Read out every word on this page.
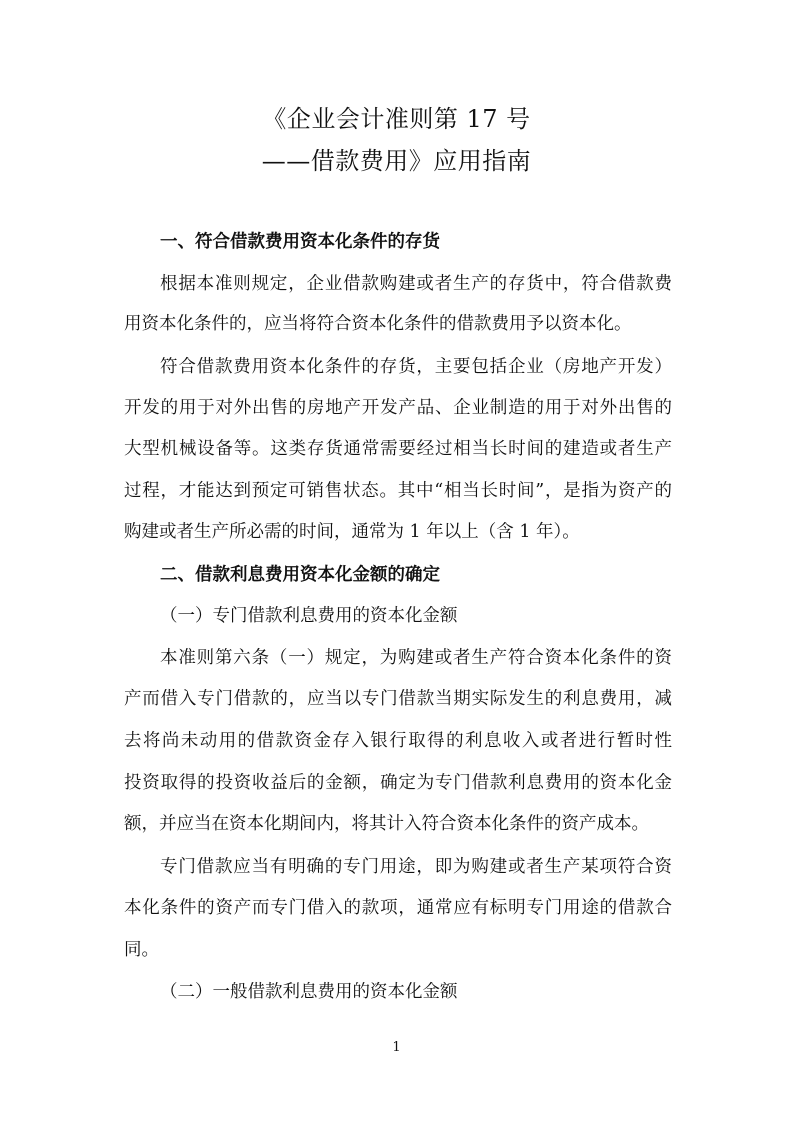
《企业会计准则第 17 号
——借款费用》应用指南
一、符合借款费用资本化条件的存货
根据本准则规定，企业借款购建或者生产的存货中，符合借款费
用资本化条件的，应当将符合资本化条件的借款费用予以资本化。
符合借款费用资本化条件的存货，主要包括企业（房地产开发）
开发的用于对外出售的房地产开发产品、企业制造的用于对外出售的
大型机械设备等。这类存货通常需要经过相当长时间的建造或者生产
过程，才能达到预定可销售状态。其中“相当长时间”，是指为资产的
购建或者生产所必需的时间，通常为 1 年以上（含 1 年）。
二、借款利息费用资本化金额的确定
（一）专门借款利息费用的资本化金额
本准则第六条（一）规定，为购建或者生产符合资本化条件的资
产而借入专门借款的，应当以专门借款当期实际发生的利息费用，减
去将尚未动用的借款资金存入银行取得的利息收入或者进行暂时性
投资取得的投资收益后的金额，确定为专门借款利息费用的资本化金
额，并应当在资本化期间内，将其计入符合资本化条件的资产成本。
专门借款应当有明确的专门用途，即为购建或者生产某项符合资
本化条件的资产而专门借入的款项，通常应有标明专门用途的借款合
同。
（二）一般借款利息费用的资本化金额
1
